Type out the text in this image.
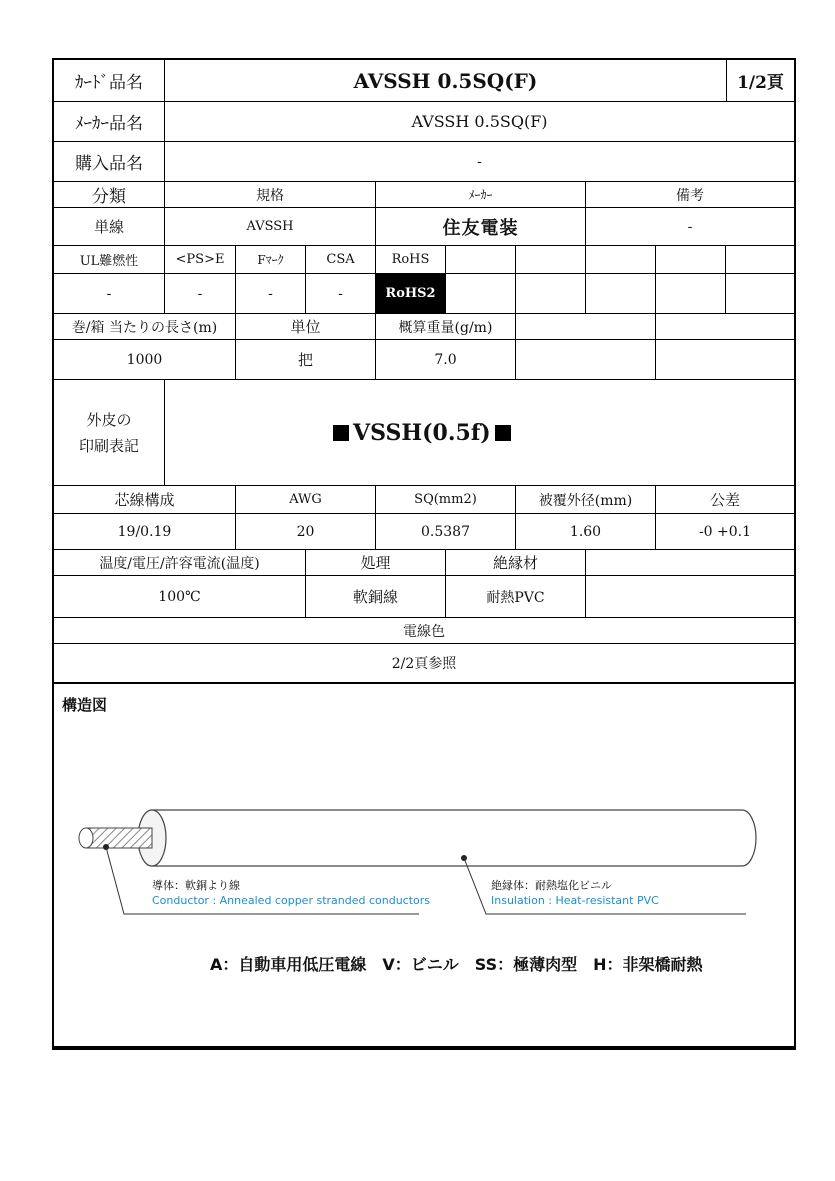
ｶｰﾄﾞ品名	AVSSH 0.5SQ(F)	1/2頁
ﾒｰｶｰ品名	AVSSH 0.5SQ(F)
購入品名	-
分類	規格	ﾒｰｶｰ	備考
単線	AVSSH	住友電装	-
UL難燃性	<PS>E	Fﾏｰｸ	CSA	RoHS
-	-	-	-	RoHS2
巻/箱 当たりの長さ(m)	単位	概算重量(g/m)
1000	把	7.0
外皮の
印刷表記	VSSH(0.5f)
芯線構成	AWG	SQ(mm2)	被覆外径(mm)	公差
19/0.19	20	0.5387	1.60	-0 +0.1
温度/電圧/許容電流(温度)	処理	絶縁材
100℃	軟銅線	耐熱PVC
電線色
2/2頁参照
構造図
導体：軟銅より線
Conductor : Annealed copper stranded conductors
絶縁体：耐熱塩化ビニル
Insulation : Heat-resistant PVC
A：自動車用低圧電線　V：ビニル　SS：極薄肉型　H：非架橋耐熱
